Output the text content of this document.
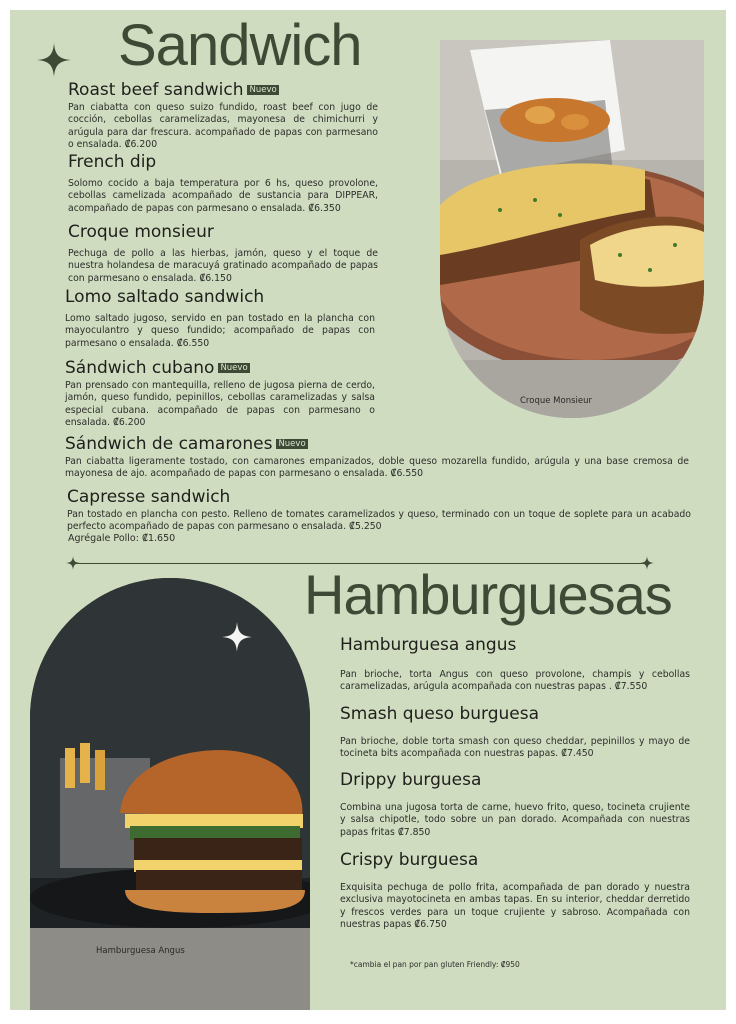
Sandwich
Roast beef sandwich Nuevo

Pan ciabatta con queso suizo fundido, roast beef con jugo de cocción, cebollas caramelizadas, mayonesa de chimichurri y arúgula para dar frescura. acompañado de papas con parmesano o ensalada. ₡6.200

French dip

Solomo cocido a baja temperatura por 6 hs, queso provolone, cebollas camelizada acompañado de sustancia para DIPPEAR, acompañado de papas con parmesano o ensalada. ₡6.350

Croque monsieur

Pechuga de pollo a las hierbas, jamón, queso y el toque de nuestra holandesa de maracuyá gratinado acompañado de papas con parmesano o ensalada. ₡6.150

Lomo saltado sandwich

Lomo saltado jugoso, servido en pan tostado en la plancha con mayoculantro y queso fundido; acompañado de papas con parmesano o ensalada. ₡6.550

Sándwich cubano Nuevo

Pan prensado con mantequilla, relleno de jugosa pierna de cerdo, jamón, queso fundido, pepinillos, cebollas caramelizadas y salsa especial cubana. acompañado de papas con parmesano o ensalada. ₡6.200

Sándwich de camarones Nuevo

Pan ciabatta ligeramente tostado, con camarones empanizados, doble queso mozarella fundido, arúgula y una base cremosa de mayonesa de ajo. acompañado de papas con parmesano o ensalada. ₡6.550

Capresse sandwich

Pan tostado en plancha con pesto. Relleno de tomates caramelizados y queso, terminado con un toque de soplete para un acabado perfecto acompañado de papas con parmesano o ensalada. ₡5.250

Agrégale Pollo: ₡1.650
Croque Monsieur
Hamburguesas
Hamburguesa Angus
Hamburguesa angus

Pan brioche, torta Angus con queso provolone, champis y cebollas caramelizadas, arúgula acompañada con nuestras papas . ₡7.550

Smash queso burguesa

Pan brioche, doble torta smash con queso cheddar, pepinillos y mayo de tocineta bits acompañada con nuestras papas. ₡7.450

Drippy burguesa

Combina una jugosa torta de carne, huevo frito, queso, tocineta crujiente y salsa chipotle, todo sobre un pan dorado. Acompañada con nuestras papas fritas ₡7.850

Crispy burguesa

Exquisita pechuga de pollo frita, acompañada de pan dorado y nuestra exclusiva mayotocineta en ambas tapas. En su interior, cheddar derretido y frescos verdes para un toque crujiente y sabroso. Acompañada con nuestras papas ₡6.750

*cambia el pan por pan gluten Friendly: ₡950
